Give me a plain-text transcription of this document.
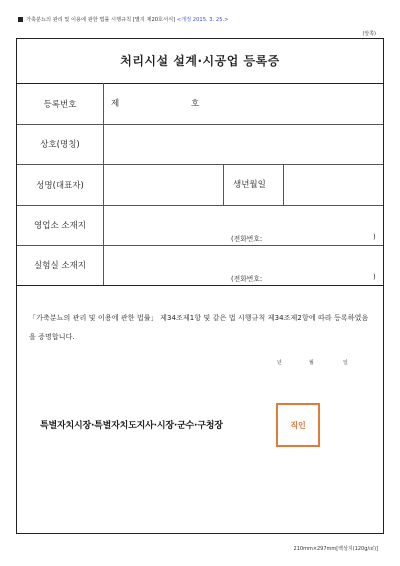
가축분뇨의 관리 및 이용에 관한 법률 시행규칙 [별지 제20호서식] <개정 2015. 3. 25.>
(앞쪽)
처리시설 설계·시공업 등록증
등록번호	제	호
상호(명칭)
성명(대표자)	생년월일
영업소 소재지
(전화번호:	)
실험실 소재지
(전화번호:	)
「가축분뇨의 관리 및 이용에 관한 법률」 제34조제1항 및 같은 법 시행규칙 제34조제2항에 따라 등록하였음을 증명합니다.
년	월	일
특별자치시장·특별자치도지사·시장·군수·구청장	직인
210mm×297mm[백상지(120g/㎡)]
